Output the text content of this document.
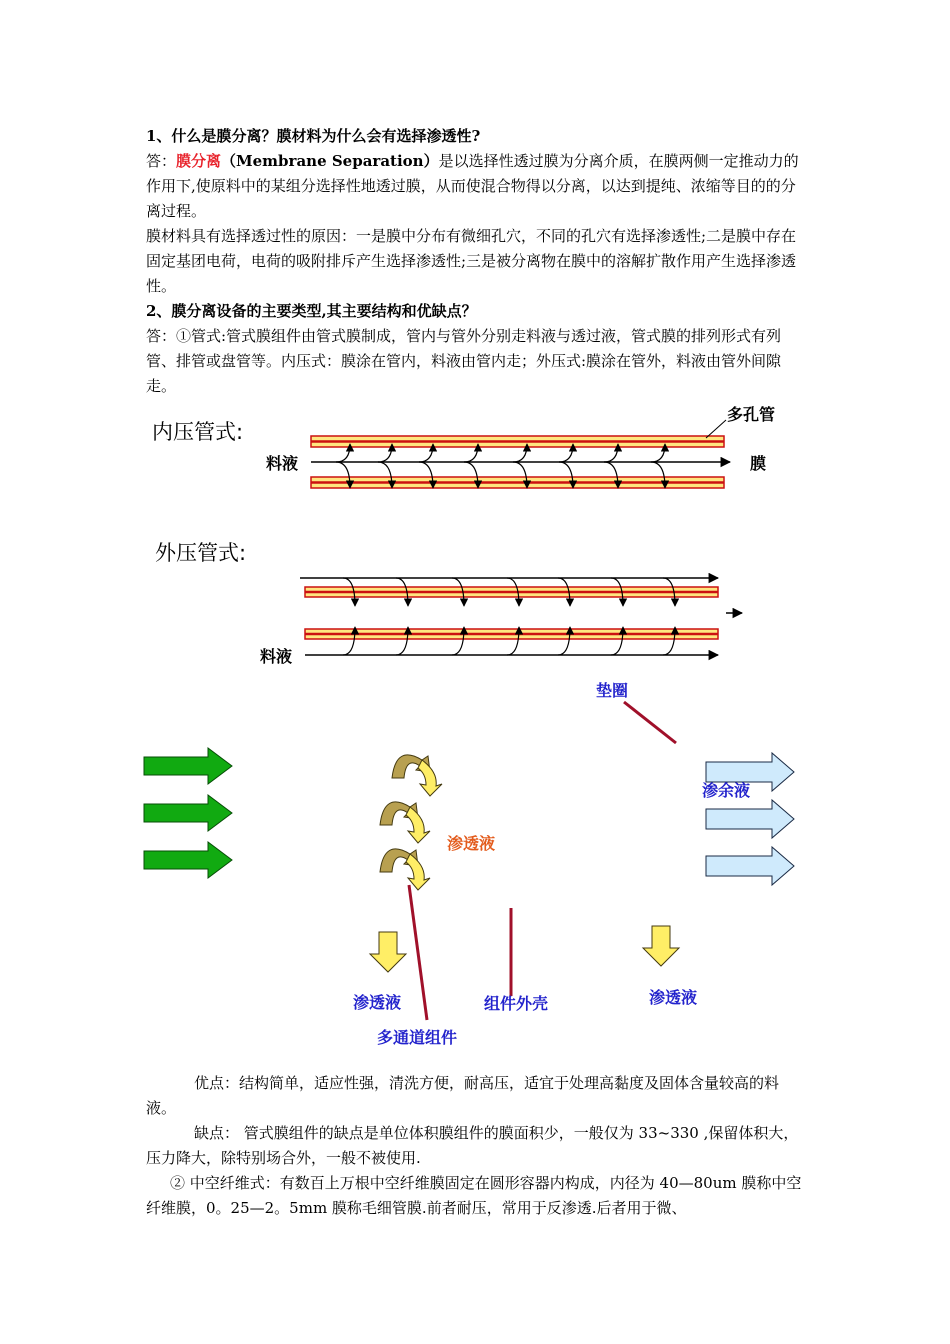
1、什么是膜分离？膜材料为什么会有选择渗透性?

答：膜分离（Membrane Separation）是以选择性透过膜为分离介质，在膜两侧一定推动力的作用下,使原料中的某组分选择性地透过膜，从而使混合物得以分离，以达到提纯、浓缩等目的的分离过程。

膜材料具有选择透过性的原因：一是膜中分布有微细孔穴，不同的孔穴有选择渗透性;二是膜中存在固定基团电荷，电荷的吸附排斥产生选择渗透性;三是被分离物在膜中的溶解扩散作用产生选择渗透性。

2、膜分离设备的主要类型,其主要结构和优缺点？

答：①管式:管式膜组件由管式膜制成，管内与管外分别走料液与透过液，管式膜的排列形式有列管、排管或盘管等。内压式：膜涂在管内，料液由管内走；外压式:膜涂在管外，料液由管外间隙走。

内压管式:
多孔管
膜
料液
外压管式:
料液
垫圈
渗余液
渗透液
渗透液	组件外壳	渗透液
多通道组件

优点：结构简单，适应性强，清洗方便，耐高压，适宜于处理高黏度及固体含量较高的料液。

缺点： 管式膜组件的缺点是单位体积膜组件的膜面积少，一般仅为 33~330 ,保留体积大，压力降大，除特别场合外，一般不被使用.

② 中空纤维式：有数百上万根中空纤维膜固定在圆形容器内构成，内径为 40—80um 膜称中空纤维膜，0。25—2。5mm 膜称毛细管膜.前者耐压，常用于反渗透.后者用于微、
